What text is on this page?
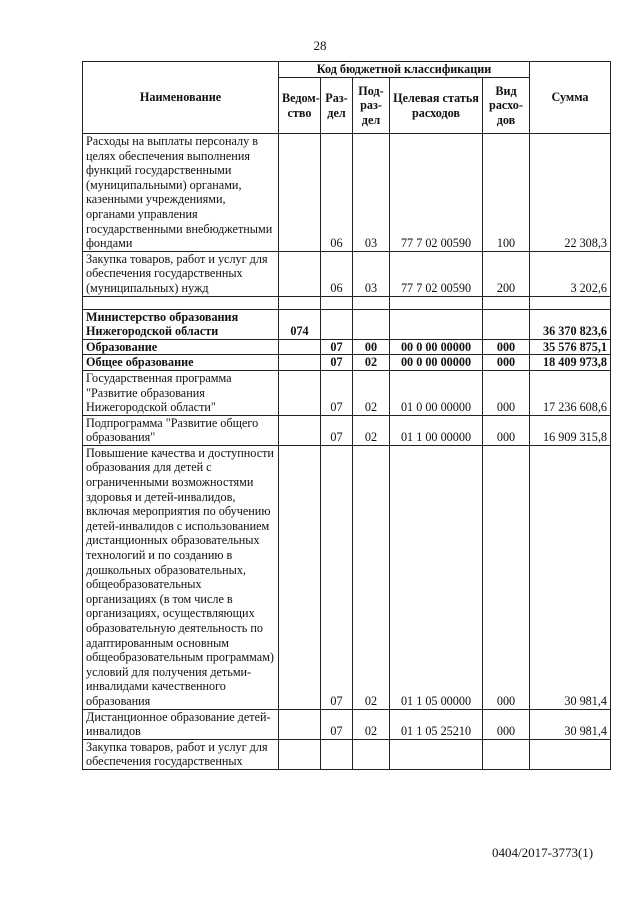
28
Наименование	Код бюджетной классификации					Сумма
	Ведом-ство	Раз-дел	Под-раз-дел	Целевая статья расходов	Вид расхо-дов	
Расходы на выплаты персоналу в целях обеспечения выполнения функций государственными (муниципальными) органами, казенными учреждениями, органами управления государственными внебюджетными фондами		06	03	77 7 02 00590	100	22 308,3
Закупка товаров, работ и услуг для обеспечения государственных (муниципальных) нужд		06	03	77 7 02 00590	200	3 202,6

Министерство образования Нижегородской области	074					36 370 823,6
Образование		07	00	00 0 00 00000	000	35 576 875,1
Общее образование		07	02	00 0 00 00000	000	18 409 973,8
Государственная программа "Развитие образования Нижегородской области"		07	02	01 0 00 00000	000	17 236 608,6
Подпрограмма "Развитие общего образования"		07	02	01 1 00 00000	000	16 909 315,8
Повышение качества и доступности образования для детей с ограниченными возможностями здоровья и детей-инвалидов, включая мероприятия по обучению детей-инвалидов с использованием дистанционных образовательных технологий и по созданию в дошкольных образовательных, общеобразовательных организациях (в том числе в организациях, осуществляющих образовательную деятельность по адаптированным основным общеобразовательным программам) условий для получения детьми-инвалидами качественного образования		07	02	01 1 05 00000	000	30 981,4
Дистанционное образование детей-инвалидов		07	02	01 1 05 25210	000	30 981,4
Закупка товаров, работ и услуг для обеспечения государственных						
0404/2017-3773(1)
